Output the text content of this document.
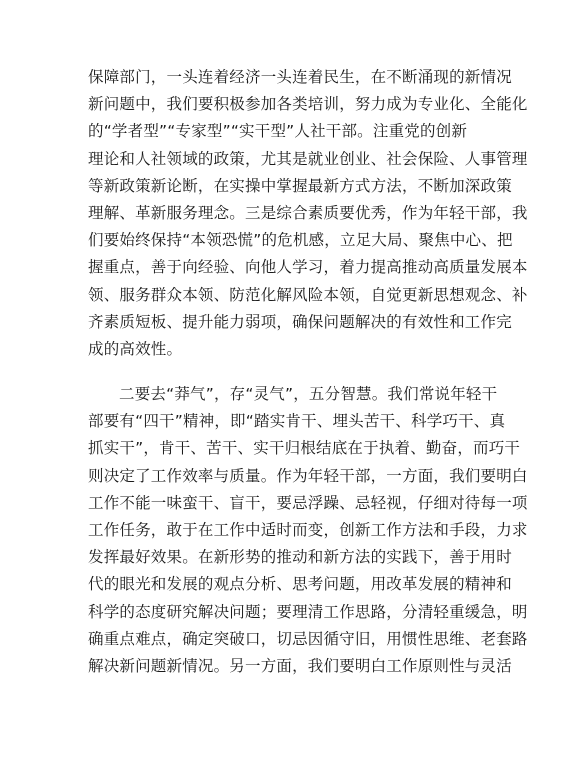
保障部门，一头连着经济一头连着民生，在不断涌现的新情况
新问题中，我们要积极参加各类培训，努力成为专业化、全能化
的“学者型”“专家型”“实干型”人社干部。注重党的创新
理论和人社领域的政策，尤其是就业创业、社会保险、人事管理
等新政策新论断，在实操中掌握最新方式方法，不断加深政策
理解、革新服务理念。三是综合素质要优秀，作为年轻干部，我
们要始终保持“本领恐慌”的危机感，立足大局、聚焦中心、把
握重点，善于向经验、向他人学习，着力提高推动高质量发展本
领、服务群众本领、防范化解风险本领，自觉更新思想观念、补
齐素质短板、提升能力弱项，确保问题解决的有效性和工作完
成的高效性。
二要去“莽气”，存“灵气”，五分智慧。我们常说年轻干
部要有“四干”精神，即“踏实肯干、埋头苦干、科学巧干、真
抓实干”，肯干、苦干、实干归根结底在于执着、勤奋，而巧干
则决定了工作效率与质量。作为年轻干部，一方面，我们要明白
工作不能一味蛮干、盲干，要忌浮躁、忌轻视，仔细对待每一项
工作任务，敢于在工作中适时而变，创新工作方法和手段，力求
发挥最好效果。在新形势的推动和新方法的实践下，善于用时
代的眼光和发展的观点分析、思考问题，用改革发展的精神和
科学的态度研究解决问题；要理清工作思路，分清轻重缓急，明
确重点难点，确定突破口，切忌因循守旧，用惯性思维、老套路
解决新问题新情况。另一方面，我们要明白工作原则性与灵活
